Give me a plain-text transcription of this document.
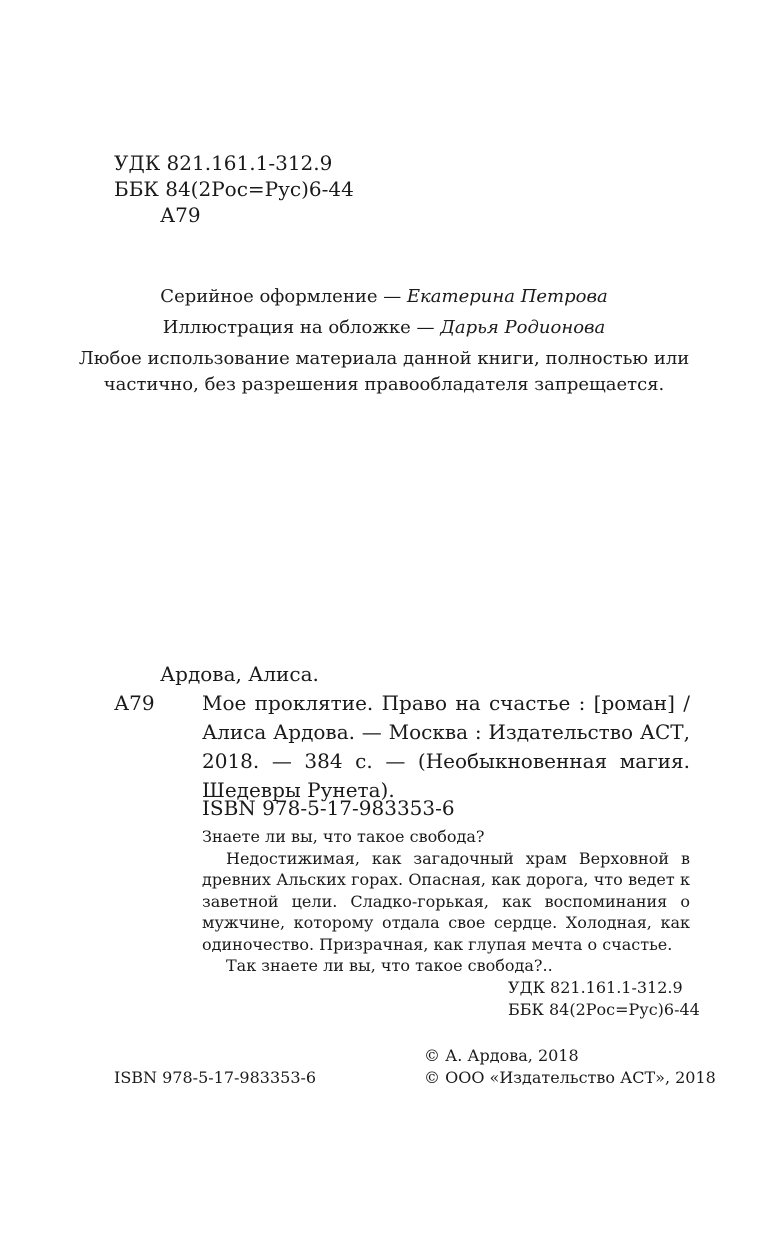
УДК 821.161.1-312.9

ББК 84(2Рос=Рус)6-44

А79

Серийное оформление — Екатерина Петрова

Иллюстрация на обложке — Дарья Родионова

Любое использование материала данной книги, полностью или

частично, без разрешения правообладателя запрещается.

Ардова, Алиса.

А79 Мое проклятие. Право на счастье : [роман] / Алиса Ардова. — Москва : Издательство АСТ, 2018. — 384 с. — (Необыкновенная магия. Шедевры Рунета).

ISBN 978-5-17-983353-6

Знаете ли вы, что такое свобода?

Недостижимая, как загадочный храм Верховной в древних Альских горах. Опасная, как дорога, что ведет к заветной цели. Сладко-горькая, как воспоминания о мужчине, которому отдала свое сердце. Холодная, как одиночество. Призрачная, как глупая мечта о счастье.

Так знаете ли вы, что такое свобода?..

УДК 821.161.1-312.9

ББК 84(2Рос=Рус)6-44

© А. Ардова, 2018

ISBN 978-5-17-983353-6	© ООО «Издательство АСТ», 2018
